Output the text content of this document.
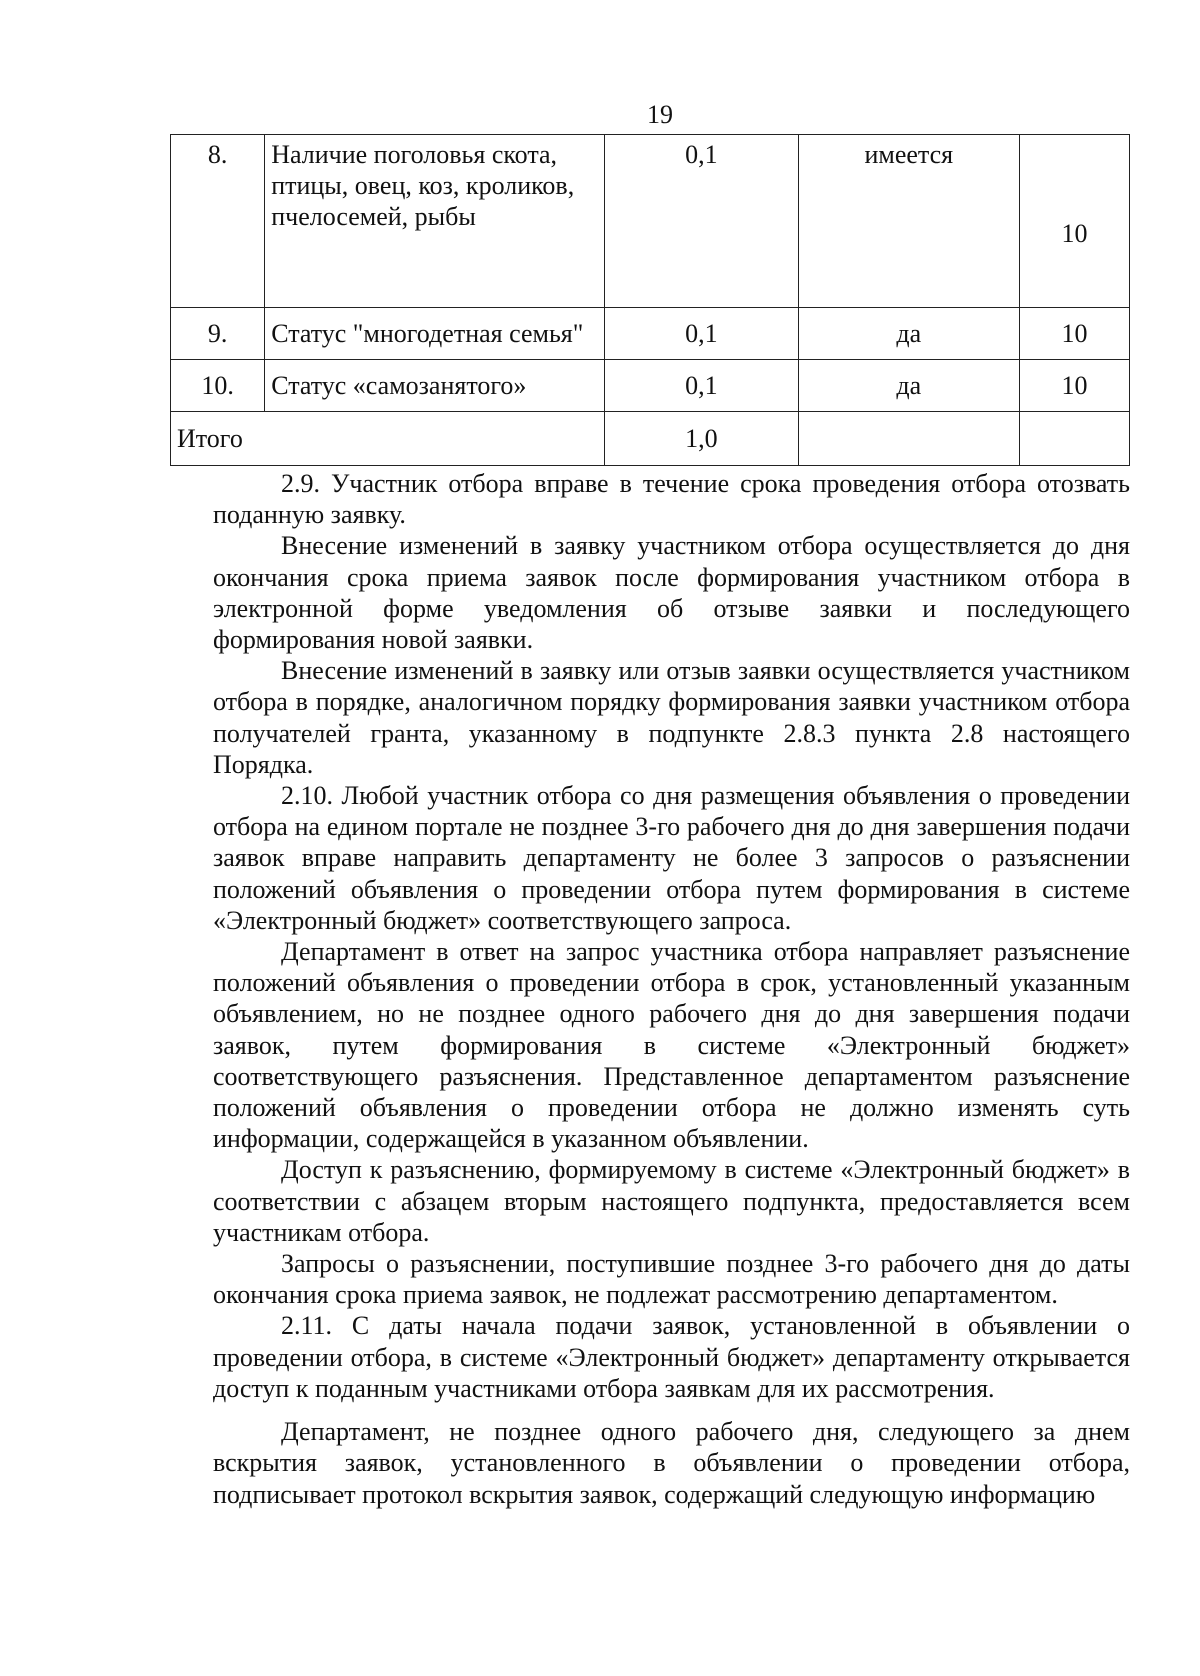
19
8.	Наличие поголовья скота, птицы, овец, коз, кроликов, пчелосемей, рыбы	0,1	имеется	10
9.	Статус "многодетная семья"	0,1	да	10
10.	Статус «самозанятого»	0,1	да	10
Итого		1,0		

2.9. Участник отбора вправе в течение срока проведения отбора отозвать поданную заявку.

Внесение изменений в заявку участником отбора осуществляется до дня окончания срока приема заявок после формирования участником отбора в электронной форме уведомления об отзыве заявки и последующего формирования новой заявки.

Внесение изменений в заявку или отзыв заявки осуществляется участником отбора в порядке, аналогичном порядку формирования заявки участником отбора получателей гранта, указанному в подпункте 2.8.3 пункта 2.8 настоящего Порядка.

2.10. Любой участник отбора со дня размещения объявления о проведении отбора на едином портале не позднее 3-го рабочего дня до дня завершения подачи заявок вправе направить департаменту не более 3 запросов о разъяснении положений объявления о проведении отбора путем формирования в системе «Электронный бюджет» соответствующего запроса.

Департамент в ответ на запрос участника отбора направляет разъяснение положений объявления о проведении отбора в срок, установленный указанным объявлением, но не позднее одного рабочего дня до дня завершения подачи заявок, путем формирования в системе «Электронный бюджет» соответствующего разъяснения. Представленное департаментом разъяснение положений объявления о проведении отбора не должно изменять суть информации, содержащейся в указанном объявлении.

Доступ к разъяснению, формируемому в системе «Электронный бюджет» в соответствии с абзацем вторым настоящего подпункта, предоставляется всем участникам отбора.

Запросы о разъяснении, поступившие позднее 3-го рабочего дня до даты окончания срока приема заявок, не подлежат рассмотрению департаментом.

2.11. С даты начала подачи заявок, установленной в объявлении о проведении отбора, в системе «Электронный бюджет» департаменту открывается доступ к поданным участниками отбора заявкам для их рассмотрения.

Департамент, не позднее одного рабочего дня, следующего за днем вскрытия заявок, установленного в объявлении о проведении отбора, подписывает протокол вскрытия заявок, содержащий следующую информацию
